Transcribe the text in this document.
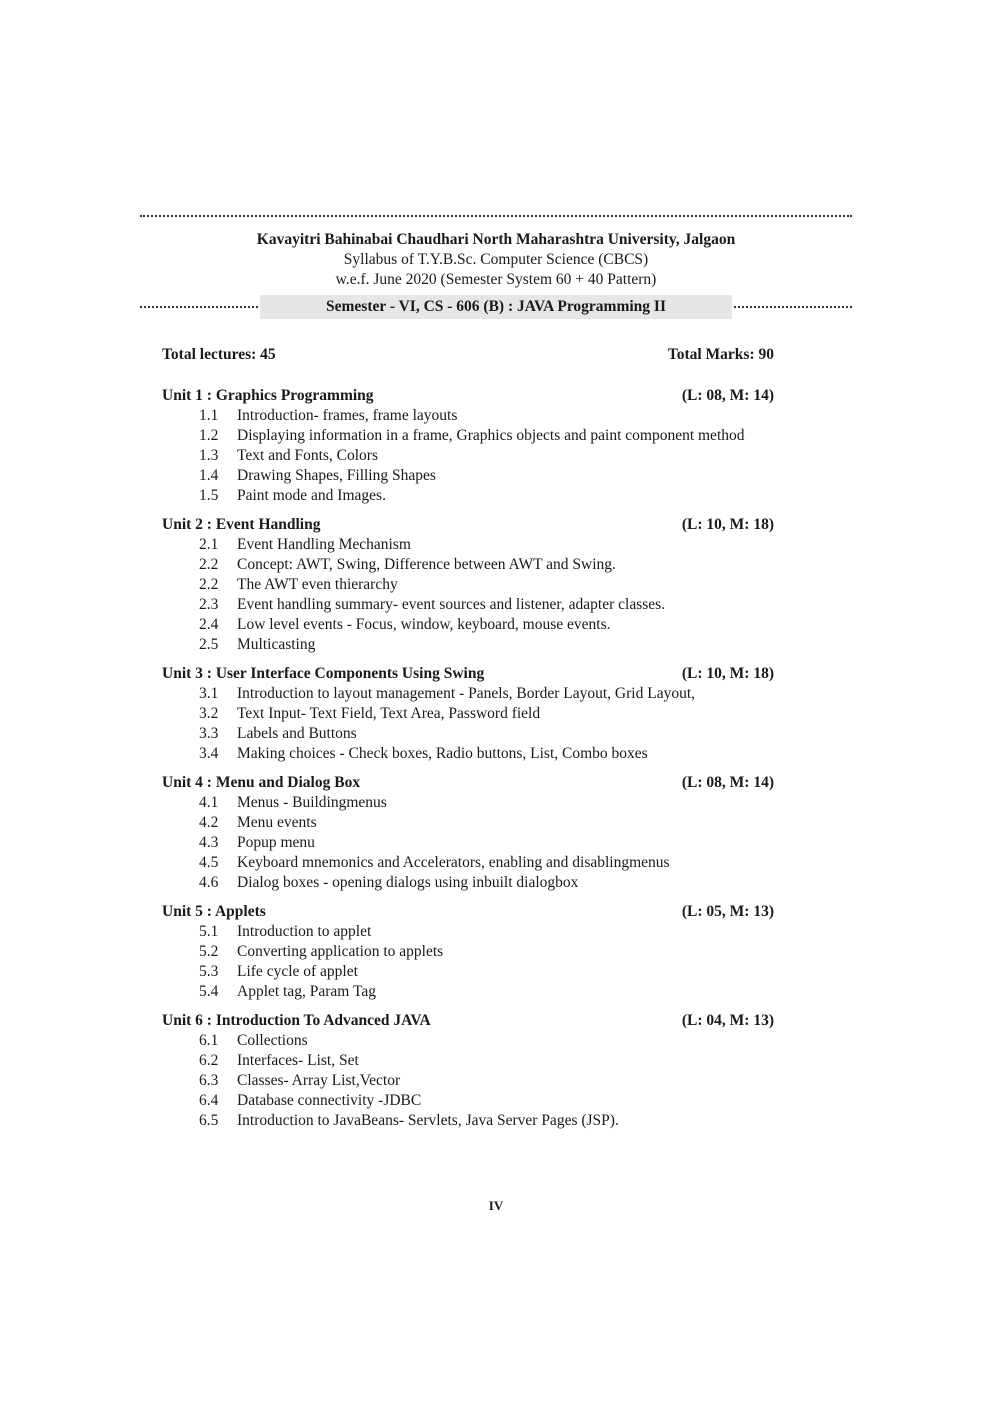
Kavayitri Bahinabai Chaudhari North Maharashtra University, Jalgaon
Syllabus of T.Y.B.Sc. Computer Science (CBCS)
w.e.f. June 2020 (Semester System 60 + 40 Pattern)
Semester - VI, CS - 606 (B) : JAVA Programming II
Total lectures: 45	Total Marks: 90
Unit 1 : Graphics Programming	(L: 08, M: 14)
1.1	Introduction- frames, frame layouts
1.2	Displaying information in a frame, Graphics objects and paint component method
1.3	Text and Fonts, Colors
1.4	Drawing Shapes, Filling Shapes
1.5	Paint mode and Images.
Unit 2 : Event Handling	(L: 10, M: 18)
2.1	Event Handling Mechanism
2.2	Concept: AWT, Swing, Difference between AWT and Swing.
2.2	The AWT even thierarchy
2.3	Event handling summary- event sources and listener, adapter classes.
2.4	Low level events - Focus, window, keyboard, mouse events.
2.5	Multicasting
Unit 3 : User Interface Components Using Swing	(L: 10, M: 18)
3.1	Introduction to layout management - Panels, Border Layout, Grid Layout,
3.2	Text Input- Text Field, Text Area, Password field
3.3	Labels and Buttons
3.4	Making choices - Check boxes, Radio buttons, List, Combo boxes
Unit 4 : Menu and Dialog Box	(L: 08, M: 14)
4.1	Menus - Buildingmenus
4.2	Menu events
4.3	Popup menu
4.5	Keyboard mnemonics and Accelerators, enabling and disablingmenus
4.6	Dialog boxes - opening dialogs using inbuilt dialogbox
Unit 5 : Applets	(L: 05, M: 13)
5.1	Introduction to applet
5.2	Converting application to applets
5.3	Life cycle of applet
5.4	Applet tag, Param Tag
Unit 6 : Introduction To Advanced JAVA	(L: 04, M: 13)
6.1	Collections
6.2	Interfaces- List, Set
6.3	Classes- Array List,Vector
6.4	Database connectivity -JDBC
6.5	Introduction to JavaBeans- Servlets, Java Server Pages (JSP).
IV
